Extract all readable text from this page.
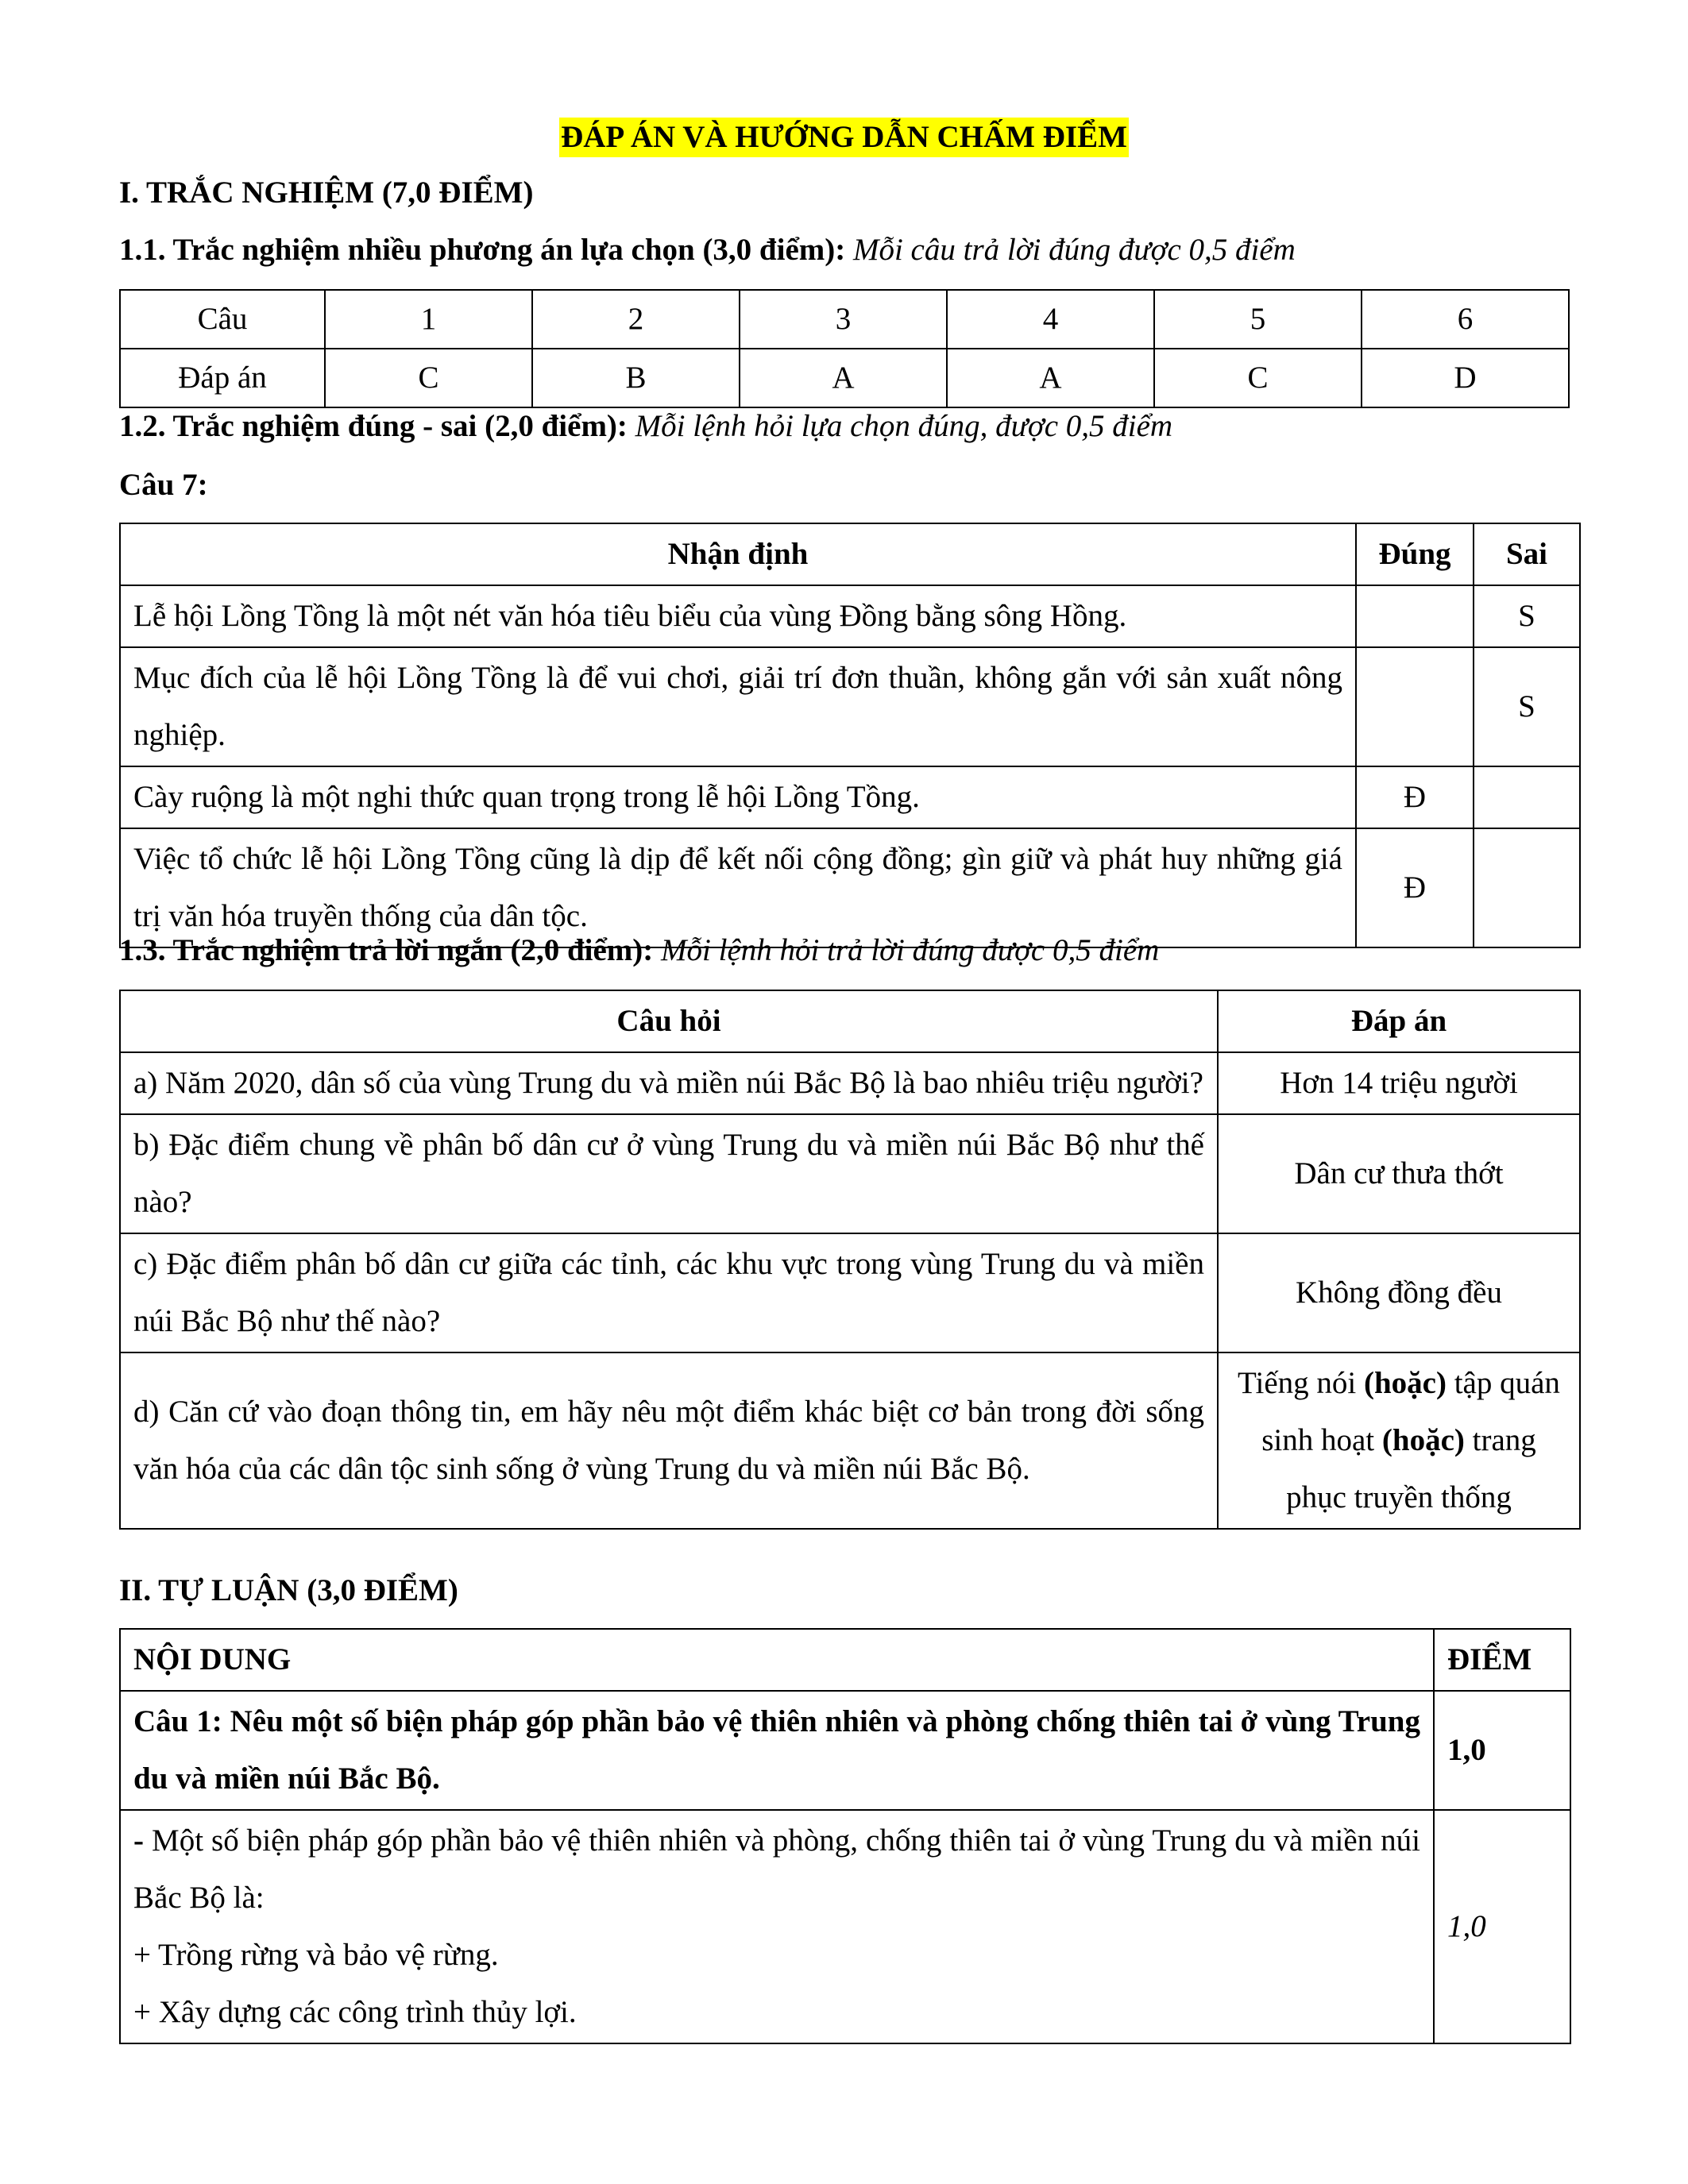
ĐÁP ÁN VÀ HƯỚNG DẪN CHẤM ĐIỂM
I. TRẮC NGHIỆM (7,0 ĐIỂM)
1.1. Trắc nghiệm nhiều phương án lựa chọn (3,0 điểm): Mỗi câu trả lời đúng được 0,5 điểm
Câu	1	2	3	4	5	6
Đáp án	C	B	A	A	C	D
1.2. Trắc nghiệm đúng - sai (2,0 điểm): Mỗi lệnh hỏi lựa chọn đúng, được 0,5 điểm
Câu 7:
Nhận định	Đúng	Sai
Lễ hội Lồng Tồng là một nét văn hóa tiêu biểu của vùng Đồng bằng sông Hồng.		S
Mục đích của lễ hội Lồng Tồng là để vui chơi, giải trí đơn thuần, không gắn với sản xuất nông nghiệp.		S
Cày ruộng là một nghi thức quan trọng trong lễ hội Lồng Tồng.	Đ	
Việc tổ chức lễ hội Lồng Tồng cũng là dịp để kết nối cộng đồng; gìn giữ và phát huy những giá trị văn hóa truyền thống của dân tộc.	Đ	
1.3. Trắc nghiệm trả lời ngắn (2,0 điểm): Mỗi lệnh hỏi trả lời đúng được 0,5 điểm
Câu hỏi	Đáp án
a) Năm 2020, dân số của vùng Trung du và miền núi Bắc Bộ là bao nhiêu triệu người?	Hơn 14 triệu người
b) Đặc điểm chung về phân bố dân cư ở vùng Trung du và miền núi Bắc Bộ như thế nào?	Dân cư thưa thớt
c) Đặc điểm phân bố dân cư giữa các tỉnh, các khu vực trong vùng Trung du và miền núi Bắc Bộ như thế nào?	Không đồng đều
d) Căn cứ vào đoạn thông tin, em hãy nêu một điểm khác biệt cơ bản trong đời sống văn hóa của các dân tộc sinh sống ở vùng Trung du và miền núi Bắc Bộ.	Tiếng nói (hoặc) tập quán sinh hoạt (hoặc) trang phục truyền thống
II. TỰ LUẬN (3,0 ĐIỂM)
NỘI DUNG	ĐIỂM
Câu 1: Nêu một số biện pháp góp phần bảo vệ thiên nhiên và phòng chống thiên tai ở vùng Trung du và miền núi Bắc Bộ.	1,0

- Một số biện pháp góp phần bảo vệ thiên nhiên và phòng, chống thiên tai ở vùng Trung du và miền núi Bắc Bộ là:
+ Trồng rừng và bảo vệ rừng.
+ Xây dựng các công trình thủy lợi.	1,0
